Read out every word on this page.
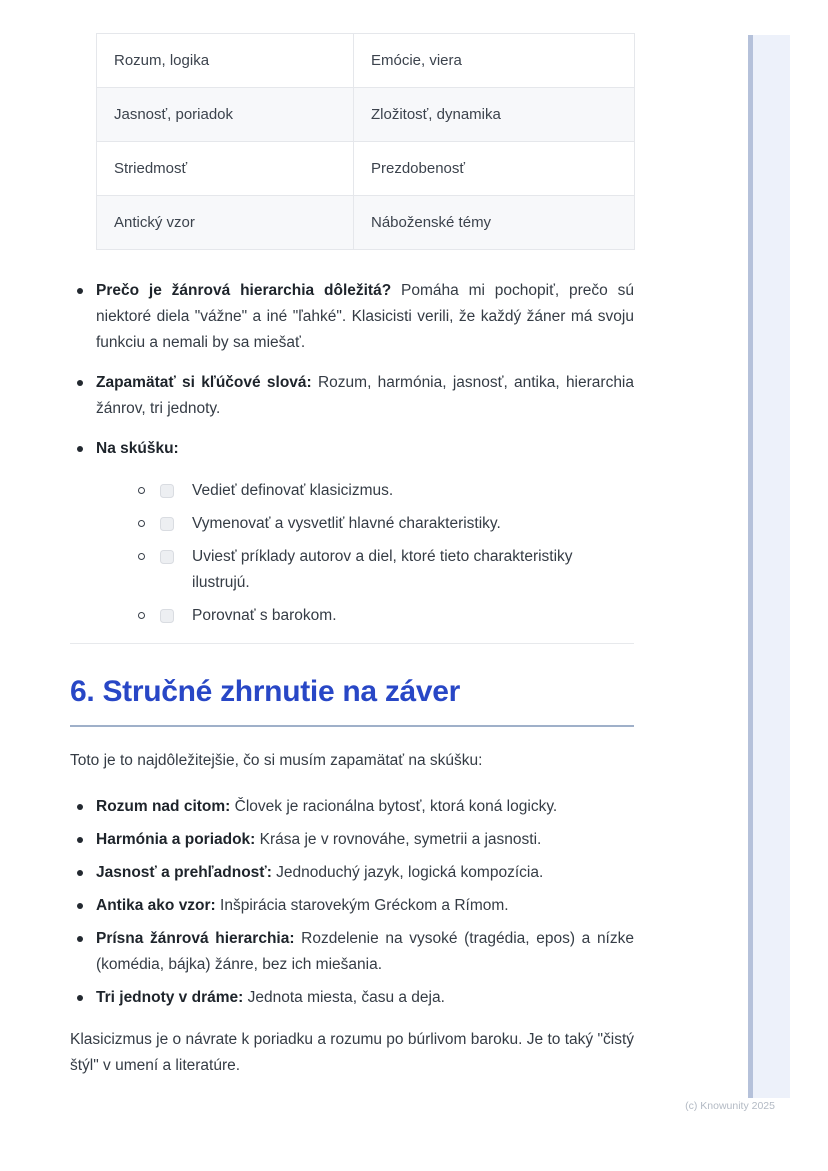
Rozum, logika	Emócie, viera
Jasnosť, poriadok	Zložitosť, dynamika
Striedmosť	Prezdobenosť
Antický vzor	Náboženské témy
Prečo je žánrová hierarchia dôležitá? Pomáha mi pochopiť, prečo sú niektoré diela "vážne" a iné "ľahké". Klasicisti verili, že každý žáner má svoju funkciu a nemali by sa miešať.
Zapamätať si kľúčové slová: Rozum, harmónia, jasnosť, antika, hierarchia žánrov, tri jednoty.
Na skúšku:
Vedieť definovať klasicizmus.
Vymenovať a vysvetliť hlavné charakteristiky.
Uviesť príklady autorov a diel, ktoré tieto charakteristiky ilustrujú.
Porovnať s barokom.
6. Stručné zhrnutie na záver

Toto je to najdôležitejšie, čo si musím zapamätať na skúšku:

Rozum nad citom: Človek je racionálna bytosť, ktorá koná logicky.
Harmónia a poriadok: Krása je v rovnováhe, symetrii a jasnosti.
Jasnosť a prehľadnosť: Jednoduchý jazyk, logická kompozícia.
Antika ako vzor: Inšpirácia starovekým Gréckom a Rímom.
Prísna žánrová hierarchia: Rozdelenie na vysoké (tragédia, epos) a nízke (komédia, bájka) žánre, bez ich miešania.
Tri jednoty v dráme: Jednota miesta, času a deja.

Klasicizmus je o návrate k poriadku a rozumu po búrlivom baroku. Je to taký "čistý štýl" v umení a literatúre.

(c) Knowunity 2025
